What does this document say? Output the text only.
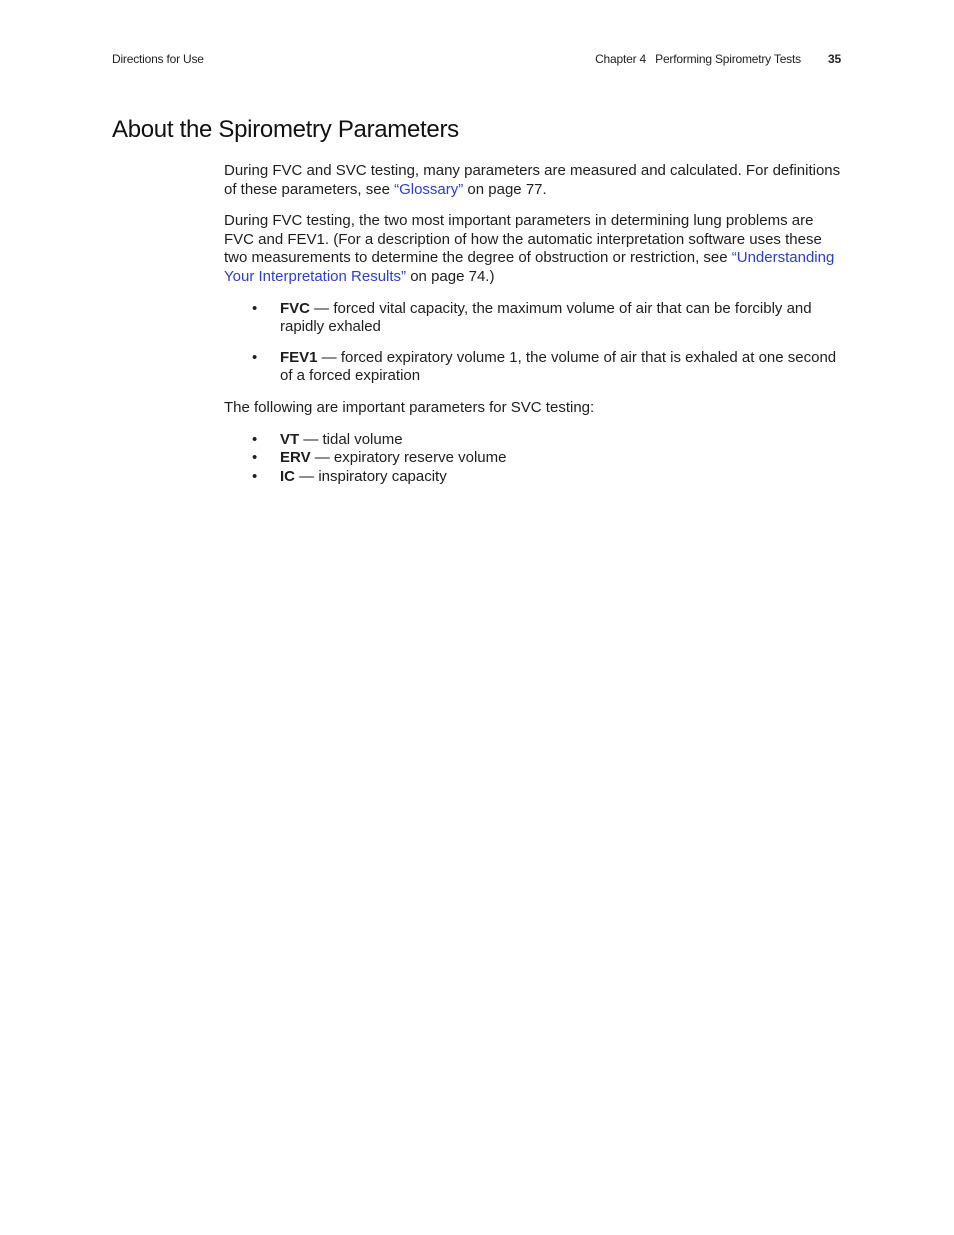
Directions for Use	Chapter 4 Performing Spirometry Tests 35
About the Spirometry Parameters

During FVC and SVC testing, many parameters are measured and calculated. For definitions of these parameters, see “Glossary” on page 77.

During FVC testing, the two most important parameters in determining lung problems are FVC and FEV1. (For a description of how the automatic interpretation software uses these two measurements to determine the degree of obstruction or restriction, see “Understanding Your Interpretation Results” on page 74.)

• FVC — forced vital capacity, the maximum volume of air that can be forcibly and rapidly exhaled
• FEV1 — forced expiratory volume 1, the volume of air that is exhaled at one second of a forced expiration

The following are important parameters for SVC testing:

• VT — tidal volume
• ERV — expiratory reserve volume
• IC — inspiratory capacity
